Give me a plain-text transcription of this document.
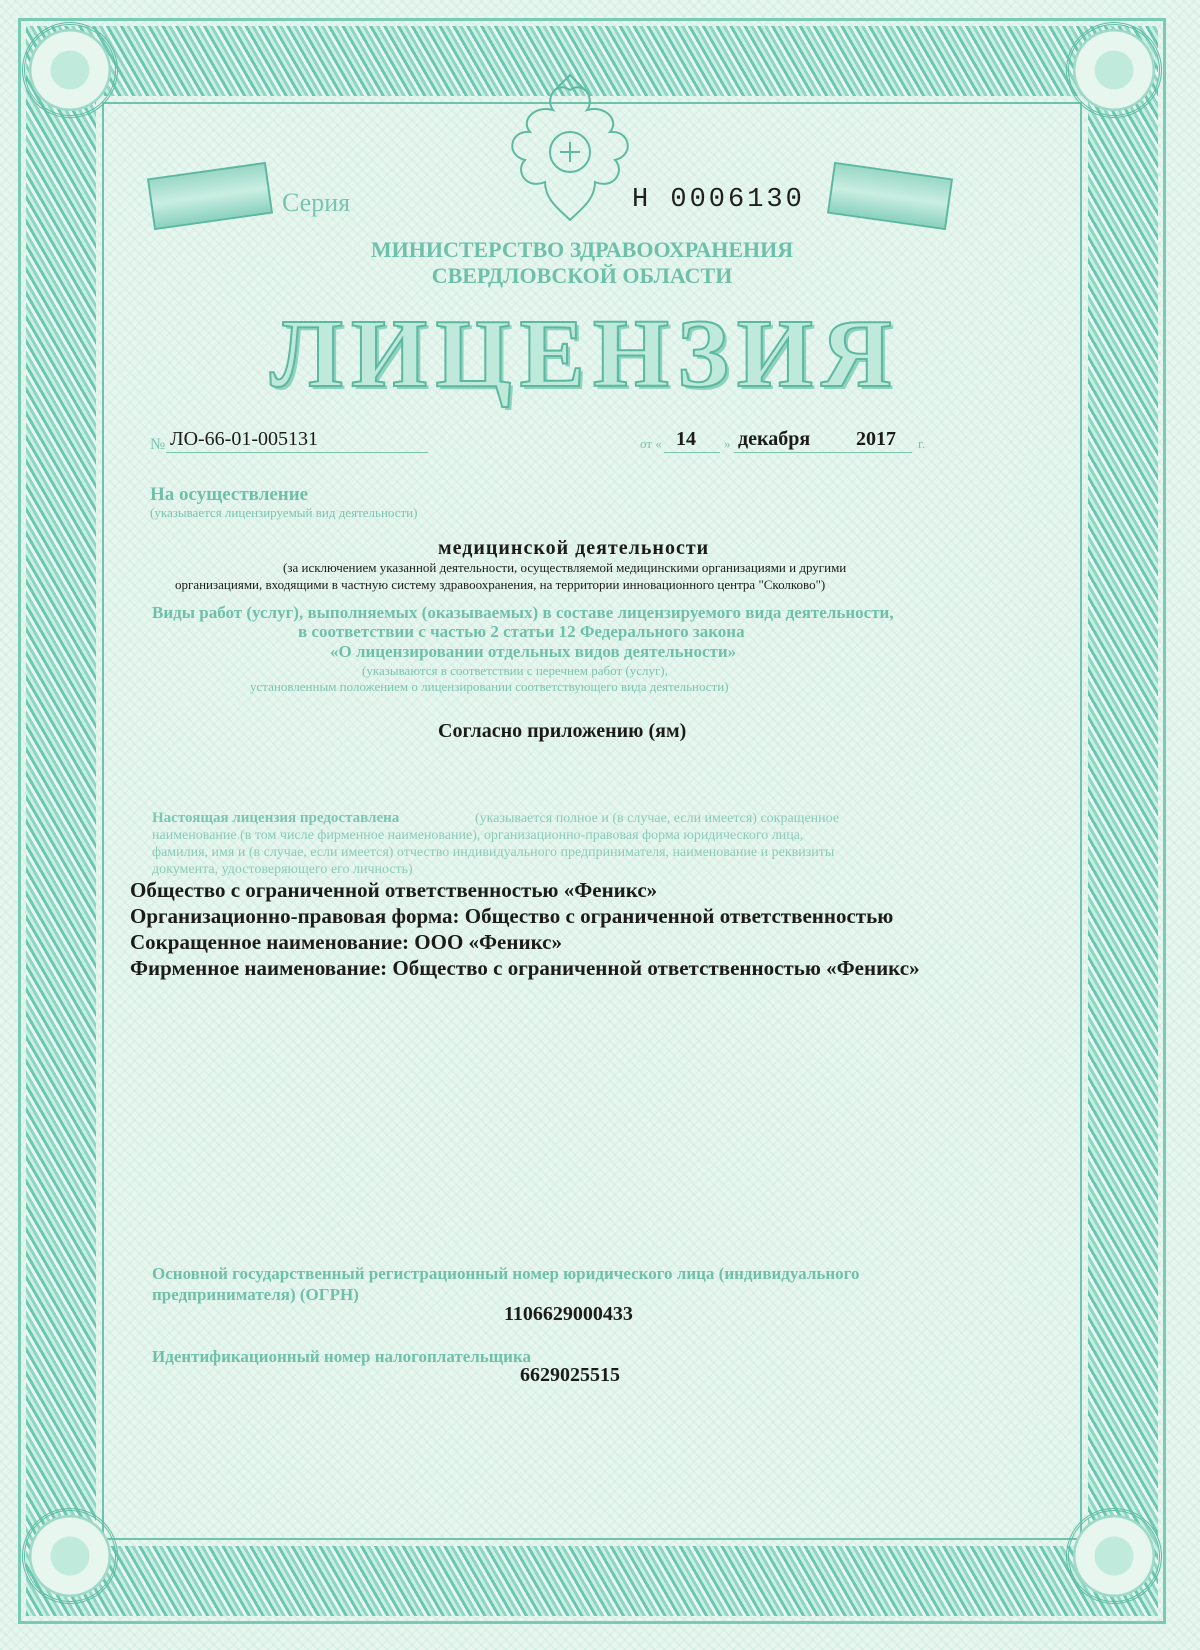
Серия	Н 0006130
МИНИСТЕРСТВО ЗДРАВООХРАНЕНИЯ
СВЕРДЛОВСКОЙ ОБЛАСТИ
ЛИЦЕНЗИЯ
№ ЛО-66-01-005131	от « 14 » декабря 2017 г.
На осуществление
(указывается лицензируемый вид деятельности)
медицинской деятельности
(за исключением указанной деятельности, осуществляемой медицинскими организациями и другими
организациями, входящими в частную систему здравоохранения, на территории инновационного центра "Сколково")
Виды работ (услуг), выполняемых (оказываемых) в составе лицензируемого вида деятельности,
в соответствии с частью 2 статьи 12 Федерального закона
«О лицензировании отдельных видов деятельности»
(указываются в соответствии с перечнем работ (услуг),
установленным положением о лицензировании соответствующего вида деятельности)
Согласно приложению (ям)
Настоящая лицензия предоставлена	(указывается полное и (в случае, если имеется) сокращенное
наименование (в том числе фирменное наименование), организационно-правовая форма юридического лица,
фамилия, имя и (в случае, если имеется) отчество индивидуального предпринимателя, наименование и реквизиты
документа, удостоверяющего его личность)
Общество с ограниченной ответственностью «Феникс»
Организационно-правовая форма: Общество с ограниченной ответственностью
Сокращенное наименование: ООО «Феникс»
Фирменное наименование: Общество с ограниченной ответственностью «Феникс»
Основной государственный регистрационный номер юридического лица (индивидуального
предпринимателя) (ОГРН)
1106629000433
Идентификационный номер налогоплательщика
6629025515
